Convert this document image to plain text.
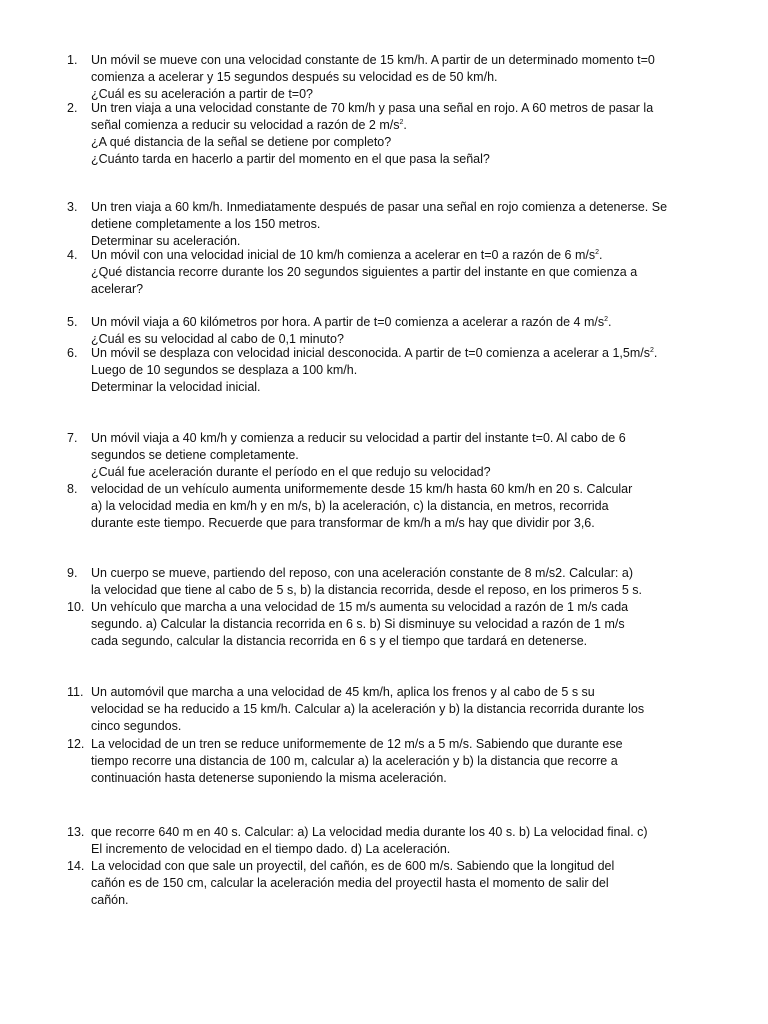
1. Un móvil se mueve con una velocidad constante de 15 km/h. A partir de un determinado momento t=0
comienza a acelerar y 15 segundos después su velocidad es de 50 km/h.
¿Cuál es su aceleración a partir de t=0?
2. Un tren viaja a una velocidad constante de 70 km/h y pasa una señal en rojo. A 60 metros de pasar la
señal comienza a reducir su velocidad a razón de 2 $m/s^2$.
¿A qué distancia de la señal se detiene por completo?
¿Cuánto tarda en hacerlo a partir del momento en el que pasa la señal?
3. Un tren viaja a 60 km/h. Inmediatamente después de pasar una señal en rojo comienza a detenerse. Se
detiene completamente a los 150 metros.
Determinar su aceleración.
4. Un móvil con una velocidad inicial de 10 km/h comienza a acelerar en t=0 a razón de 6 $m/s^2$.
¿Qué distancia recorre durante los 20 segundos siguientes a partir del instante en que comienza a
acelerar?
5. Un móvil viaja a 60 kilómetros por hora. A partir de t=0 comienza a acelerar a razón de 4 $m/s^2$.
¿Cuál es su velocidad al cabo de 0,1 minuto?
6. Un móvil se desplaza con velocidad inicial desconocida. A partir de t=0 comienza a acelerar a $1,5m/s^2$.
Luego de 10 segundos se desplaza a 100 km/h.
Determinar la velocidad inicial.
7. Un móvil viaja a 40 km/h y comienza a reducir su velocidad a partir del instante t=0. Al cabo de 6
segundos se detiene completamente.
¿Cuál fue aceleración durante el período en el que redujo su velocidad?
8. velocidad de un vehículo aumenta uniformemente desde 15 km/h hasta 60 km/h en 20 s. Calcular
a) la velocidad media en km/h y en m/s, b) la aceleración, c) la distancia, en metros, recorrida
durante este tiempo. Recuerde que para transformar de km/h a m/s hay que dividir por 3,6.
9. Un cuerpo se mueve, partiendo del reposo, con una aceleración constante de 8 m/s2. Calcular: a)
la velocidad que tiene al cabo de 5 s, b) la distancia recorrida, desde el reposo, en los primeros 5 s.
10. Un vehículo que marcha a una velocidad de 15 m/s aumenta su velocidad a razón de 1 m/s cada
segundo. a) Calcular la distancia recorrida en 6 s. b) Si disminuye su velocidad a razón de 1 m/s
cada segundo, calcular la distancia recorrida en 6 s y el tiempo que tardará en detenerse.
11. Un automóvil que marcha a una velocidad de 45 km/h, aplica los frenos y al cabo de 5 s su
velocidad se ha reducido a 15 km/h. Calcular a) la aceleración y b) la distancia recorrida durante los
cinco segundos.
12. La velocidad de un tren se reduce uniformemente de 12 m/s a 5 m/s. Sabiendo que durante ese
tiempo recorre una distancia de 100 m, calcular a) la aceleración y b) la distancia que recorre a
continuación hasta detenerse suponiendo la misma aceleración.
13. que recorre 640 m en 40 s. Calcular: a) La velocidad media durante los 40 s. b) La velocidad final. c)
El incremento de velocidad en el tiempo dado. d) La aceleración.
14. La velocidad con que sale un proyectil, del cañón, es de 600 m/s. Sabiendo que la longitud del
cañón es de 150 cm, calcular la aceleración media del proyectil hasta el momento de salir del
cañón.
